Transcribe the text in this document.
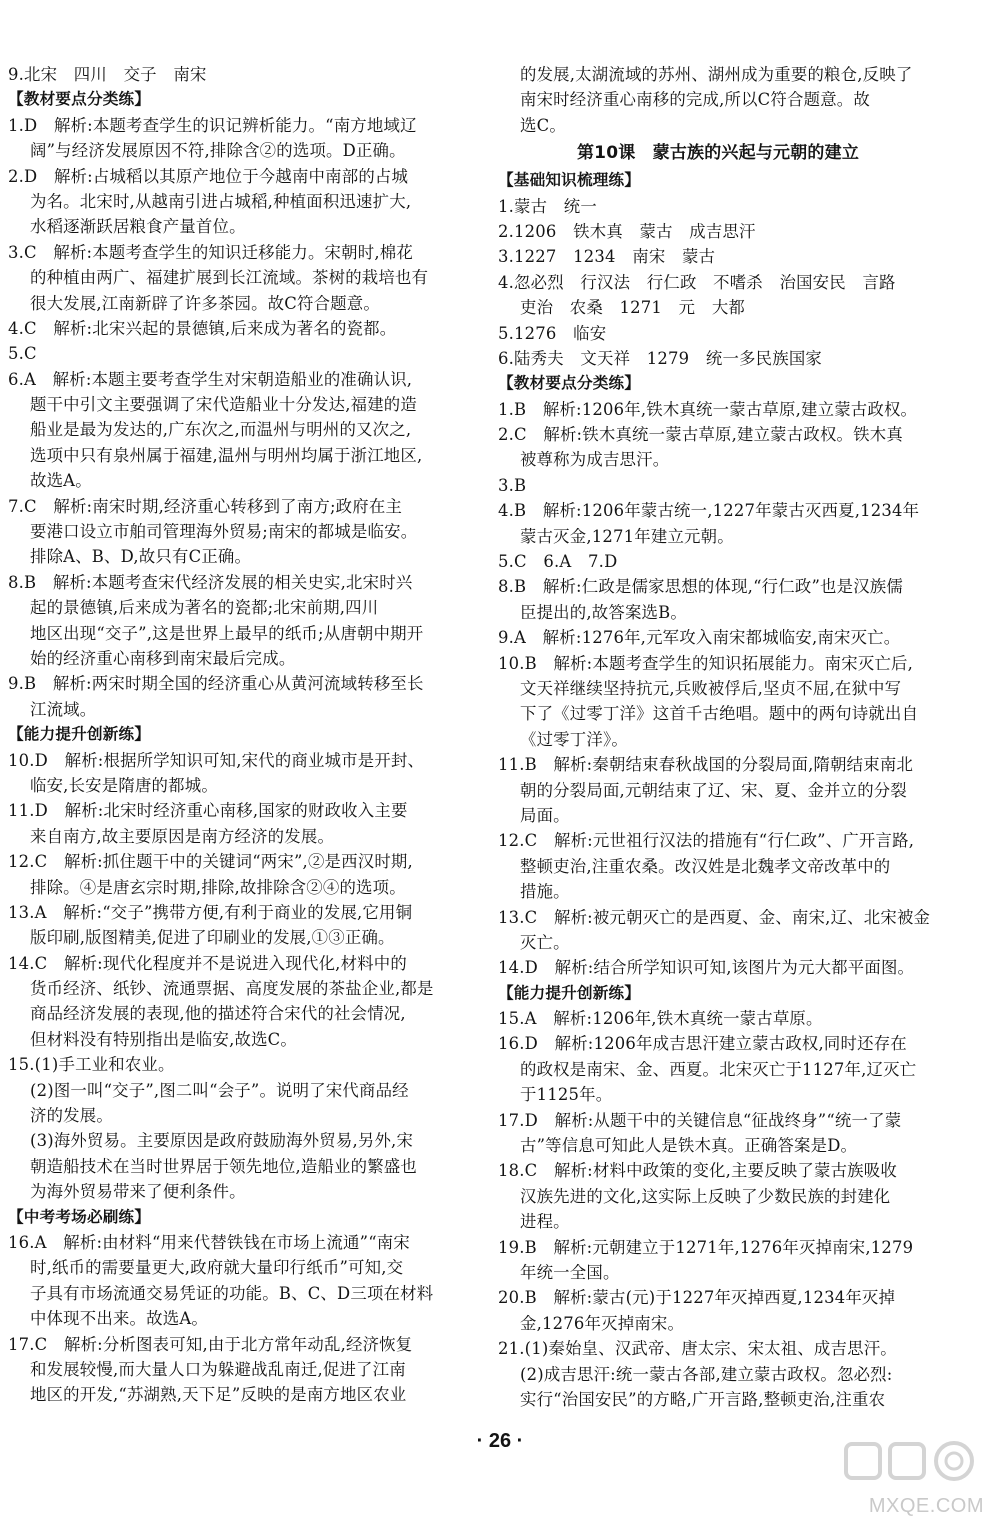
9.北宋　四川　交子　南宋
【教材要点分类练】
1.D　解析:本题考查学生的识记辨析能力。“南方地域辽
阔”与经济发展原因不符,排除含②的选项。D正确。
2.D　解析:占城稻以其原产地位于今越南中南部的占城
为名。北宋时,从越南引进占城稻,种植面积迅速扩大,
水稻逐渐跃居粮食产量首位。
3.C　解析:本题考查学生的知识迁移能力。宋朝时,棉花
的种植由两广、福建扩展到长江流域。茶树的栽培也有
很大发展,江南新辟了许多茶园。故C符合题意。
4.C　解析:北宋兴起的景德镇,后来成为著名的瓷都。
5.C
6.A　解析:本题主要考查学生对宋朝造船业的准确认识,
题干中引文主要强调了宋代造船业十分发达,福建的造
船业是最为发达的,广东次之,而温州与明州的又次之,
选项中只有泉州属于福建,温州与明州均属于浙江地区,
故选A。
7.C　解析:南宋时期,经济重心转移到了南方;政府在主
要港口设立市舶司管理海外贸易;南宋的都城是临安。
排除A、B、D,故只有C正确。
8.B　解析:本题考查宋代经济发展的相关史实,北宋时兴
起的景德镇,后来成为著名的瓷都;北宋前期,四川
地区出现“交子”,这是世界上最早的纸币;从唐朝中期开
始的经济重心南移到南宋最后完成。
9.B　解析:两宋时期全国的经济重心从黄河流域转移至长
江流域。
【能力提升创新练】
10.D　解析:根据所学知识可知,宋代的商业城市是开封、
临安,长安是隋唐的都城。
11.D　解析:北宋时经济重心南移,国家的财政收入主要
来自南方,故主要原因是南方经济的发展。
12.C　解析:抓住题干中的关键词“两宋”,②是西汉时期,
排除。④是唐玄宗时期,排除,故排除含②④的选项。
13.A　解析:“交子”携带方便,有利于商业的发展,它用铜
版印刷,版图精美,促进了印刷业的发展,①③正确。
14.C　解析:现代化程度并不是说进入现代化,材料中的
货币经济、纸钞、流通票据、高度发展的茶盐企业,都是
商品经济发展的表现,他的描述符合宋代的社会情况,
但材料没有特别指出是临安,故选C。
15.(1)手工业和农业。
(2)图一叫“交子”,图二叫“会子”。说明了宋代商品经
济的发展。
(3)海外贸易。主要原因是政府鼓励海外贸易,另外,宋
朝造船技术在当时世界居于领先地位,造船业的繁盛也
为海外贸易带来了便利条件。
【中考考场必刷练】
16.A　解析:由材料“用来代替铁钱在市场上流通”“南宋
时,纸币的需要量更大,政府就大量印行纸币”可知,交
子具有市场流通交易凭证的功能。B、C、D三项在材料
中体现不出来。故选A。
17.C　解析:分析图表可知,由于北方常年动乱,经济恢复
和发展较慢,而大量人口为躲避战乱南迁,促进了江南
地区的开发,“苏湖熟,天下足”反映的是南方地区农业
的发展,太湖流域的苏州、湖州成为重要的粮仓,反映了
南宋时经济重心南移的完成,所以C符合题意。故
选C。
第10课　蒙古族的兴起与元朝的建立
【基础知识梳理练】
1.蒙古　统一
2.1206　铁木真　蒙古　成吉思汗
3.1227　1234　南宋　蒙古
4.忽必烈　行汉法　行仁政　不嗜杀　治国安民　言路
吏治　农桑　1271　元　大都
5.1276　临安
6.陆秀夫　文天祥　1279　统一多民族国家
【教材要点分类练】
1.B　解析:1206年,铁木真统一蒙古草原,建立蒙古政权。
2.C　解析:铁木真统一蒙古草原,建立蒙古政权。铁木真
被尊称为成吉思汗。
3.B
4.B　解析:1206年蒙古统一,1227年蒙古灭西夏,1234年
蒙古灭金,1271年建立元朝。
5.C　6.A　7.D
8.B　解析:仁政是儒家思想的体现,“行仁政”也是汉族儒
臣提出的,故答案选B。
9.A　解析:1276年,元军攻入南宋都城临安,南宋灭亡。
10.B　解析:本题考查学生的知识拓展能力。南宋灭亡后,
文天祥继续坚持抗元,兵败被俘后,坚贞不屈,在狱中写
下了《过零丁洋》这首千古绝唱。题中的两句诗就出自
《过零丁洋》。
11.B　解析:秦朝结束春秋战国的分裂局面,隋朝结束南北
朝的分裂局面,元朝结束了辽、宋、夏、金并立的分裂
局面。
12.C　解析:元世祖行汉法的措施有“行仁政”、广开言路,
整顿吏治,注重农桑。改汉姓是北魏孝文帝改革中的
措施。
13.C　解析:被元朝灭亡的是西夏、金、南宋,辽、北宋被金
灭亡。
14.D　解析:结合所学知识可知,该图片为元大都平面图。
【能力提升创新练】
15.A　解析:1206年,铁木真统一蒙古草原。
16.D　解析:1206年成吉思汗建立蒙古政权,同时还存在
的政权是南宋、金、西夏。北宋灭亡于1127年,辽灭亡
于1125年。
17.D　解析:从题干中的关键信息“征战终身”“统一了蒙
古”等信息可知此人是铁木真。正确答案是D。
18.C　解析:材料中政策的变化,主要反映了蒙古族吸收
汉族先进的文化,这实际上反映了少数民族的封建化
进程。
19.B　解析:元朝建立于1271年,1276年灭掉南宋,1279
年统一全国。
20.B　解析:蒙古(元)于1227年灭掉西夏,1234年灭掉
金,1276年灭掉南宋。
21.(1)秦始皇、汉武帝、唐太宗、宋太祖、成吉思汗。
(2)成吉思汗:统一蒙古各部,建立蒙古政权。忽必烈:
实行“治国安民”的方略,广开言路,整顿吏治,注重农
· 26 ·
MXQE.COM
